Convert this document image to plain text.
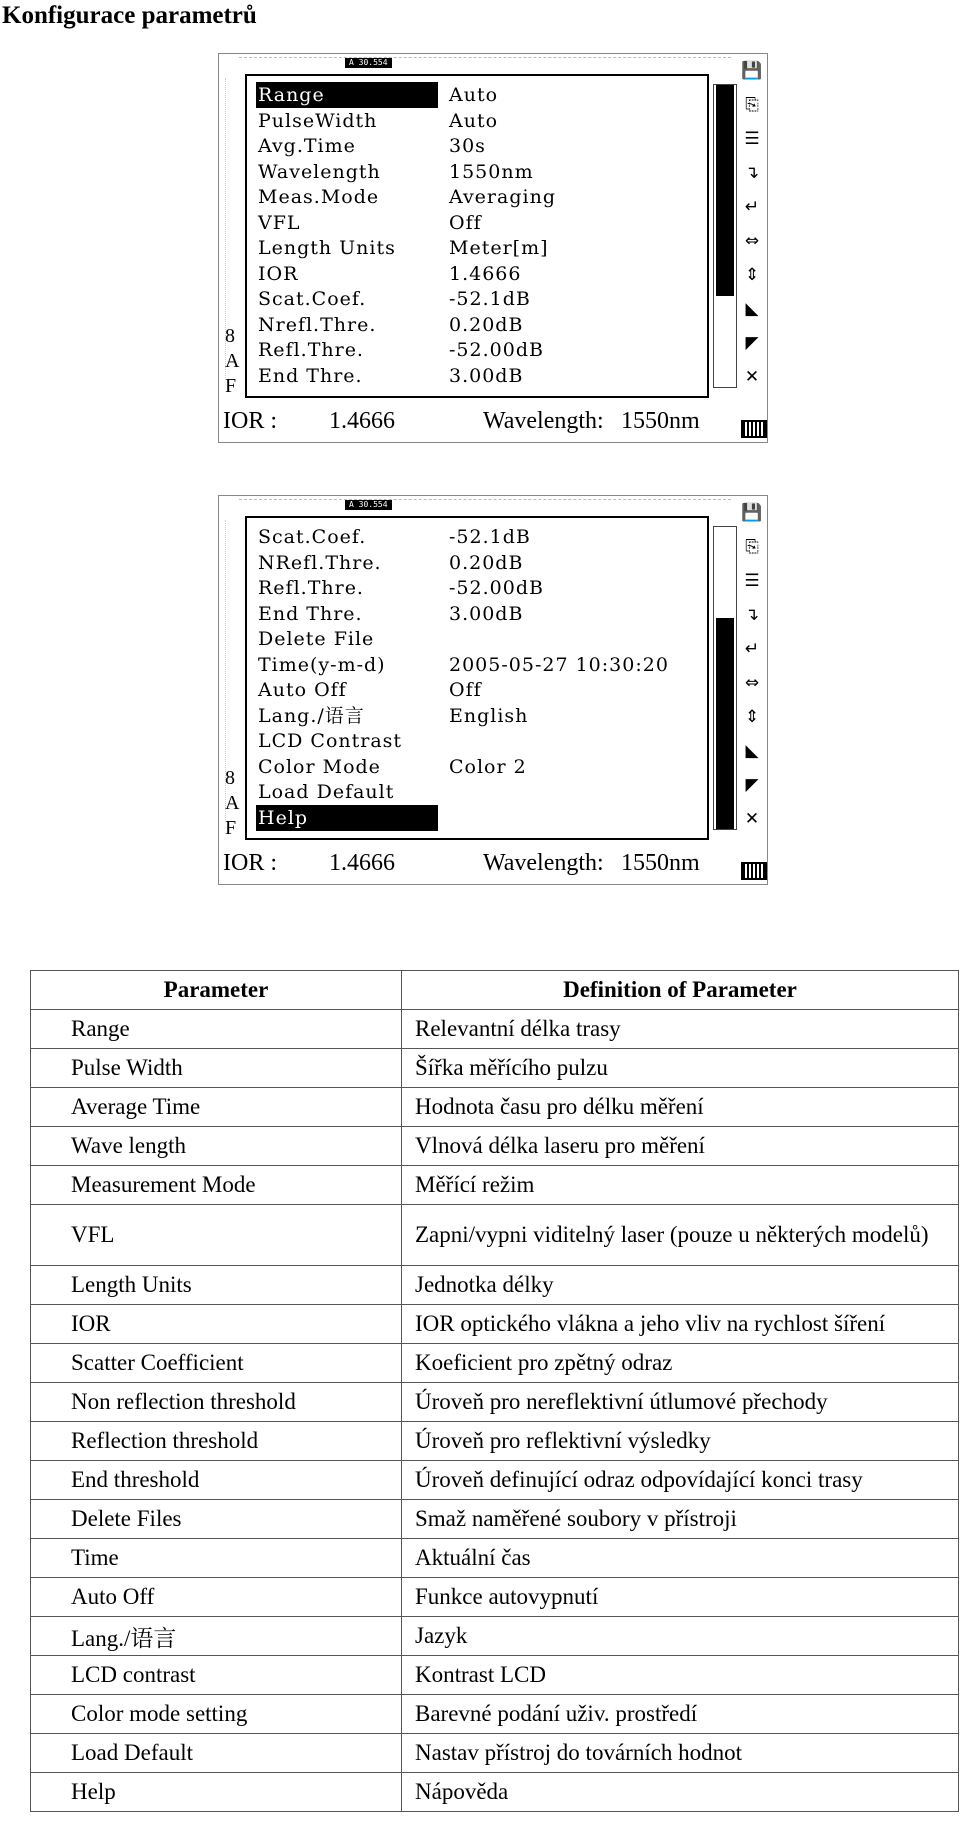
Konfigurace parametrů
A 30.554
8
A
F
Range	Auto
PulseWidth	Auto
Avg.Time	30s
Wavelength	1550nm
Meas.Mode	Averaging
VFL	Off
Length Units	Meter[m]
IOR	1.4666
Scat.Coef.	-52.1dB
Nrefl.Thre.	0.20dB
Refl.Thre.	-52.00dB
End Thre.	3.00dB
IOR : 1.4666	Wavelength: 1550nm
💾
⎘
☰
↴
↵
⇔
⇕
◣
◤
✕
A 30.554
8
A
F
Scat.Coef.	-52.1dB
NRefl.Thre.	0.20dB
Refl.Thre.	-52.00dB
End Thre.	3.00dB
Delete File
Time(y-m-d)	2005-05-27 10:30:20
Auto Off	Off
Lang./语言	English
LCD Contrast
Color Mode	Color 2
Load Default
Help
IOR : 1.4666	Wavelength: 1550nm
💾
⎘
☰
↴
↵
⇔
⇕
◣
◤
✕
Parameter	Definition of Parameter
Range	Relevantní délka trasy
Pulse Width	Šířka měřícího pulzu
Average Time	Hodnota času pro délku měření
Wave length	Vlnová délka laseru pro měření
Measurement Mode	Měřící režim
VFL	Zapni/vypni viditelný laser (pouze u některých modelů)
Length Units	Jednotka délky
IOR	IOR optického vlákna a jeho vliv na rychlost šíření
Scatter Coefficient	Koeficient pro zpětný odraz
Non reflection threshold	Úroveň pro nereflektivní útlumové přechody
Reflection threshold	Úroveň pro reflektivní výsledky
End threshold	Úroveň definující odraz odpovídající konci trasy
Delete Files	Smaž naměřené soubory v přístroji
Time	Aktuální čas
Auto Off	Funkce autovypnutí
Lang./语言	Jazyk
LCD contrast	Kontrast LCD
Color mode setting	Barevné podání uživ. prostředí
Load Default	Nastav přístroj do továrních hodnot
Help	Nápověda
